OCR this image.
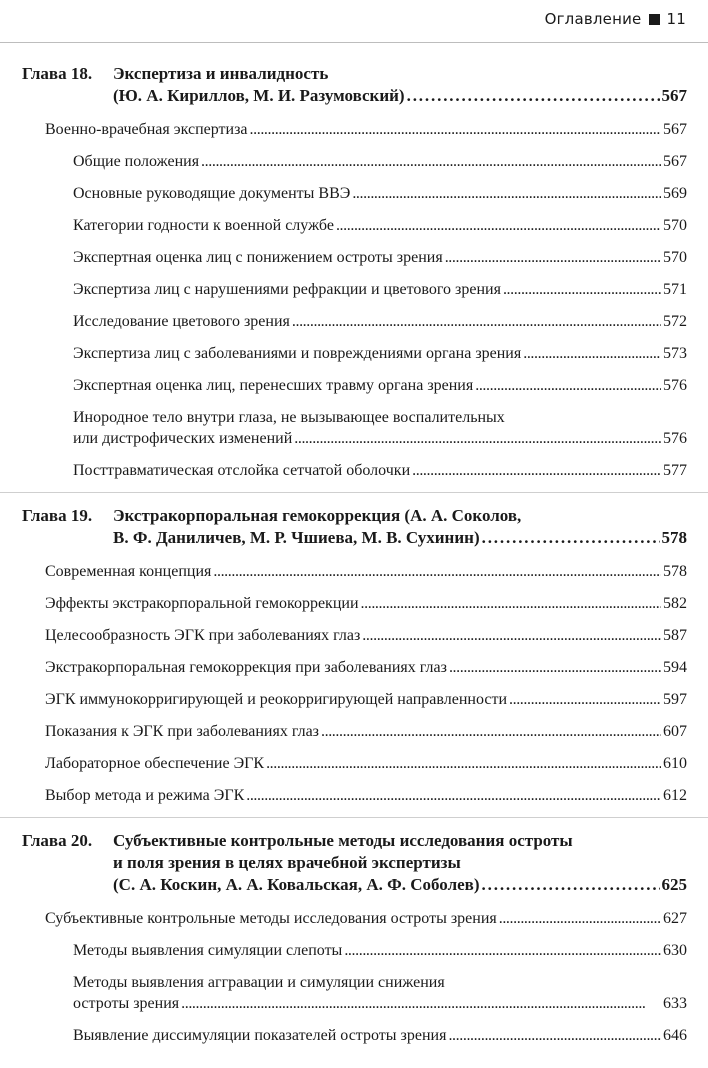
Оглавление 11
Глава 18.	Экспертиза и инвалидность
(Ю. А. Кириллов, М. И. Разумовский) . . .	567
Военно-врачебная экспертиза . . .	567
Общие положения . . .	567
Основные руководящие документы ВВЭ . . .	569
Категории годности к военной службе . . .	570
Экспертная оценка лиц с понижением остроты зрения . . .	570
Экспертиза лиц с нарушениями рефракции и цветового зрения . . .	571
Исследование цветового зрения . . .	572
Экспертиза лиц с заболеваниями и повреждениями органа зрения . . .	573
Экспертная оценка лиц, перенесших травму органа зрения . . .	576
Инородное тело внутри глаза, не вызывающее воспалительных
или дистрофических изменений . . .	576
Посттравматическая отслойка сетчатой оболочки . . .	577
Глава 19.	Экстракорпоральная гемокоррекция (А. А. Соколов,
В. Ф. Даниличев, М. Р. Чшиева, М. В. Сухинин) . . .	578
Современная концепция . . .	578
Эффекты экстракорпоральной гемокоррекции . . .	582
Целесообразность ЭГК при заболеваниях глаз . . .	587
Экстракорпоральная гемокоррекция при заболеваниях глаз . . .	594
ЭГК иммунокорригирующей и реокорригирующей направленности . . .	597
Показания к ЭГК при заболеваниях глаз . . .	607
Лабораторное обеспечение ЭГК . . .	610
Выбор метода и режима ЭГК . . .	612
Глава 20.	Субъективные контрольные методы исследования остроты
и поля зрения в целях врачебной экспертизы
(С. А. Коскин, А. А. Ковальская, А. Ф. Соболев) . . .	625
Субъективные контрольные методы исследования остроты зрения . . .	627
Методы выявления симуляции слепоты . . .	630
Методы выявления аггравации и симуляции снижения
остроты зрения . . .	633
Выявление диссимуляции показателей остроты зрения . . .	646
